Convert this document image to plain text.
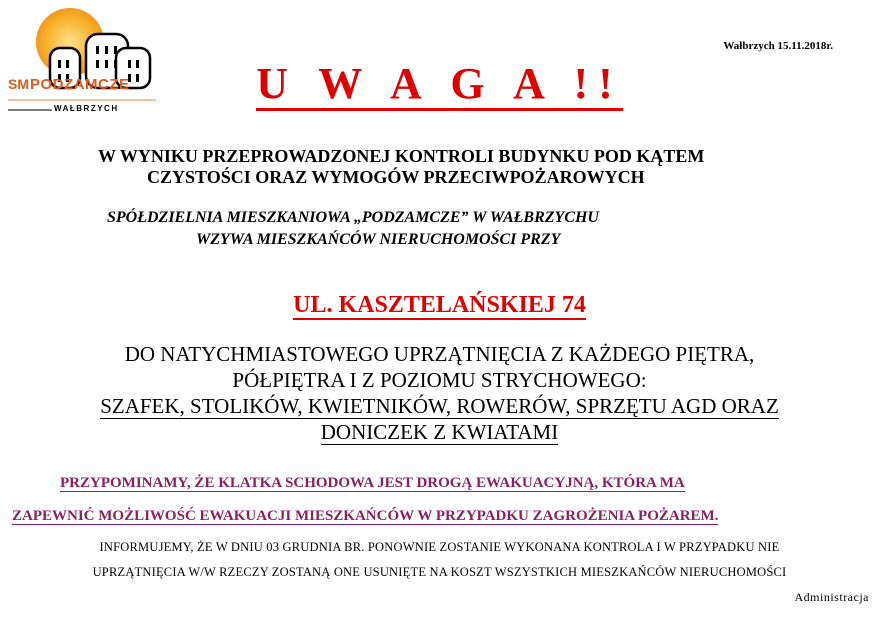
SM PODZAMCZE
WAŁBRZYCH
Wałbrzych 15.11.2018r.
U W A G A !!
W WYNIKU PRZEPROWADZONEJ KONTROLI BUDYNKU POD KĄTEM
CZYSTOŚCI ORAZ WYMOGÓW PRZECIWPOŻAROWYCH
SPÓŁDZIELNIA MIESZKANIOWA „PODZAMCZE” W WAŁBRZYCHU
WZYWA MIESZKAŃCÓW NIERUCHOMOŚCI PRZY
UL. KASZTELAŃSKIEJ 74
DO NATYCHMIASTOWEGO UPRZĄTNIĘCIA Z KAŻDEGO PIĘTRA,
PÓŁPIĘTRA I Z POZIOMU STRYCHOWEGO:
SZAFEK, STOLIKÓW, KWIETNIKÓW, ROWERÓW, SPRZĘTU AGD ORAZ
DONICZEK Z KWIATAMI
PRZYPOMINAMY, ŻE KLATKA SCHODOWA JEST DROGĄ EWAKUACYJNĄ, KTÓRA MA
ZAPEWNIĆ MOŻLIWOŚĆ EWAKUACJI MIESZKAŃCÓW W PRZYPADKU ZAGROŻENIA POŻAREM.
INFORMUJEMY, ŻE W DNIU 03 GRUDNIA BR. PONOWNIE ZOSTANIE WYKONANA KONTROLA I W PRZYPADKU NIE
UPRZĄTNIĘCIA W/W RZECZY ZOSTANĄ ONE USUNIĘTE NA KOSZT WSZYSTKICH MIESZKAŃCÓW NIERUCHOMOŚCI
Administracja
